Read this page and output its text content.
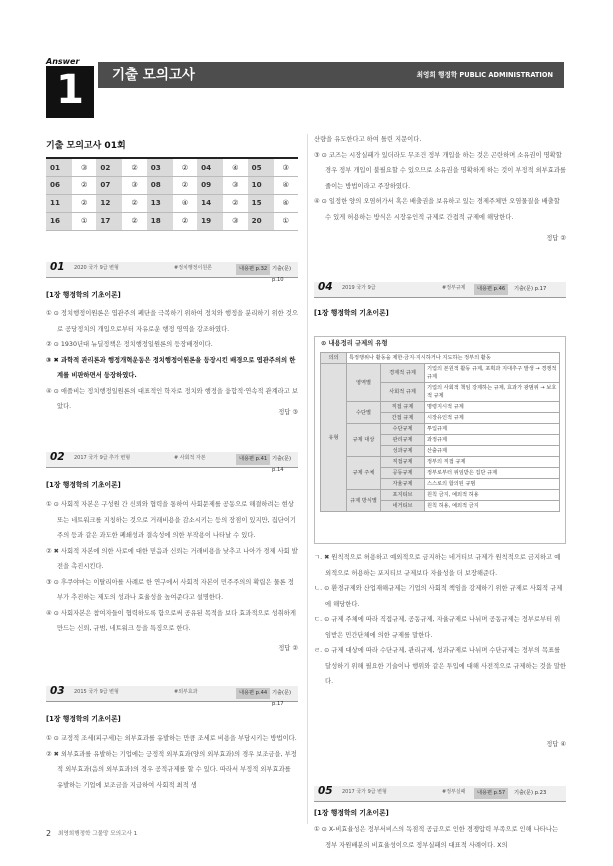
Answer
1	기출 모의고사	최영희 행정학 PUBLIC ADMINISTRATION
기출 모의고사 01회
01	③	02	②	03	②	04	④	05	③
06	②	07	③	08	②	09	③	10	④
11	②	12	②	13	④	14	②	15	④
16	①	17	②	18	②	19	③	20	①
01 2020 국가 9급 변형	#정치행정이원론	내용편 p.32 기출(문) p.10
[1장 행정학의 기초이론]
① ⊙ 정치행정이원론은 엽관주의 폐단을 극복하기 위하여 정치와 행정을 분리하기 위한 것으로 공당정치의 개입으로부터 자유로운 행정 영역을 강조하였다.
② ⊙ 1930년대 뉴딜정책은 정치행정일원론의 등장배경이다.
③ ✖ 과학적 관리론과 행정개혁운동은 정치행정이원론을 등장시킨 배경으로 엽관주의의 한계를 비판하면서 등장하였다.
④ ⊙ 애플비는 정치행정일원론의 대표적인 학자로 정치와 행정을 융합적·연속적 관계라고 보았다.
정답 ③
02 2017 국가 9급 추가 변형	# 사회적 자본	내용편 p.41 기출(문) p.14
[1장 행정학의 기초이론]
① ⊙ 사회적 자본은 구성원 간 신뢰와 협력을 통하여 사회문제를 공동으로 해결하려는 현상 또는 네트워크를 지칭하는 것으로 거래비용을 감소시키는 등의 장점이 있지만, 집단이기주의 등과 같은 과도한 폐쇄성과 결속성에 의한 부작용이 나타날 수 있다.
② ✖ 사회적 자본에 의한 사로에 대한 믿음과 신뢰는 거래비용을 낮추고 나아가 경제 사회 발전을 촉진시킨다.
③ ⊙ 후쿠야마는 이탈리아를 사례로 한 연구에서 사회적 자본이 민주주의의 확립은 물론 정부가 추진하는 제도의 성과나 효율성을 높여준다고 설명한다.
④ ⊙ 사회자본은 참여자들이 협력하도록 함으로써 공유된 목적을 보다 효과적으로 성취하게 만드는 신뢰, 규범, 네트워크 등을 특징으로 한다.
정답 ②
03 2015 국가 9급 변형	#외부효과	내용편 p.44 기출(문) p.17
[1장 행정학의 기초이론]
① ⊙ 교정적 조세(피구세)는 외부효과를 유발하는 만큼 조세로 비용을 부담시키는 방법이다.
② ✖ 외부효과를 유발하는 기업에는 긍정적 외부효과(양의 외부효과)의 경우 보조금을, 부정적 외부효과(음의 외부효과)의 경우 공적규제를 할 수 있다. 따라서 부정적 외부효과를 유발하는 기업에 보조금을 지급하여 사회적 최적 생
산량을 유도한다고 하여 틀린 지문이다.
③ ⊙ 코즈는 시장실패가 있더라도 무조건 정부 개입을 하는 것은 곤란하며 소유권이 명확할 경우 정부 개입이 불필요할 수 있으므로 소유권을 명확하게 하는 것이 부정적 외부효과를 줄이는 방법이라고 주장하였다.
④ ⊙ 일정한 양의 오염허가서 혹은 배출권을 보유하고 있는 경제주체만 오염물질을 배출할 수 있게 허용하는 방식은 시장유인적 규제로 간접적 규제에 해당한다.
정답 ②
04 2019 국가 9급	#정부규제	내용편 p.46	기출(문) p.17
[1장 행정학의 기초이론]
⊙ 내용정리 규제의 유형
의의	특정행위나 활동을 제한·금지·지시하거나 지도하는 정부의 활동		
유형	영역별	경제적 규제	기업의 본원적 활동 규제, 포획과 지대추구 발생 → 경쟁적 규제
		사회적 규제	기업의 사회적 책임 강제하는 규제, 효과가 광범위 → 보호적 규제
	수단별	직접 규제	명령지시적 규제
		간접 규제	시장유인적 규제
	규제 대상	수단규제	투입규제
		관리규제	과정규제
		성과규제	산출규제
	규제 주체	직접규제	정부의 직접 규제
		공동규제	정부로부터 위임받은 집단 규제
		자율규제	스스로의 합의된 규범
	규제 방식별	포지티브	원칙 금지, 예외적 허용
		네거티브	원칙 허용, 예외적 금지
ㄱ. ✖ 원칙적으로 허용하고 예외적으로 금지하는 네거티브 규제가 원칙적으로 금지하고 예외적으로 허용하는 포지티브 규제보다 자율성을 더 보장해준다.
ㄴ. ⊙ 환경규제와 산업재해규제는 기업의 사회적 책임을 강제하기 위한 규제로 사회적 규제에 해당한다.
ㄷ. ⊙ 규제 주체에 따라 직접규제, 공동규제, 자율규제로 나뉘며 공동규제는 정부로부터 위임받은 민간단체에 의한 규제를 말한다.
ㄹ. ⊙ 규제 대상에 따라 수단규제, 관리규제, 성과규제로 나뉘며 수단규제는 정부의 목표를 달성하기 위해 필요한 기술이나 행위와 같은 투입에 대해 사전적으로 규제하는 것을 말한다.
정답 ④
05 2017 국가 9급 변형	#정부실패	내용편 p.57	기출(문) p.23
[1장 행정학의 기초이론]
① ⊙ X-비효율성은 정부서비스의 독점적 공급으로 인한 경쟁압력 부족으로 인해 나타나는 정부 자원배분의 비효율성이으로 정부실패의 대표적 사례이다. X의
2 최영희행정학 그물망 모의고사 1
